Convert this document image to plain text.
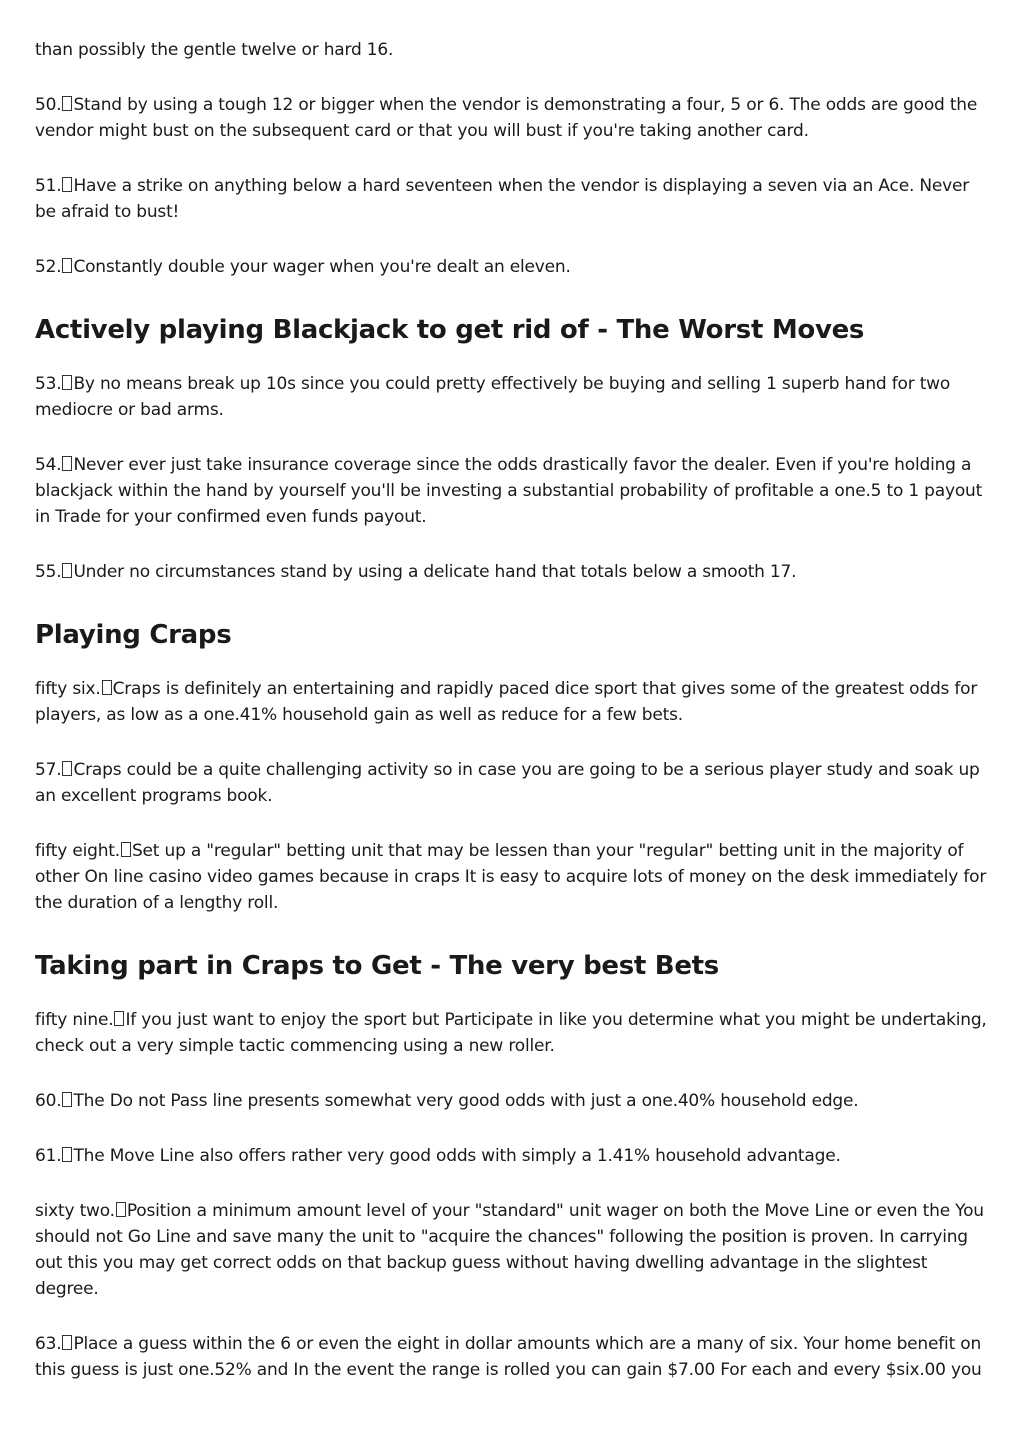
than possibly the gentle twelve or hard 16.

50. Stand by using a tough 12 or bigger when the vendor is demonstrating a four, 5 or 6. The odds are good the vendor might bust on the subsequent card or that you will bust if you're taking another card.

51. Have a strike on anything below a hard seventeen when the vendor is displaying a seven via an Ace. Never be afraid to bust!

52. Constantly double your wager when you're dealt an eleven.

Actively playing Blackjack to get rid of - The Worst Moves

53. By no means break up 10s since you could pretty effectively be buying and selling 1 superb hand for two mediocre or bad arms.

54. Never ever just take insurance coverage since the odds drastically favor the dealer. Even if you're holding a blackjack within the hand by yourself you'll be investing a substantial probability of profitable a one.5 to 1 payout in Trade for your confirmed even funds payout.

55. Under no circumstances stand by using a delicate hand that totals below a smooth 17.

Playing Craps

fifty six. Craps is definitely an entertaining and rapidly paced dice sport that gives some of the greatest odds for players, as low as a one.41% household gain as well as reduce for a few bets.

57. Craps could be a quite challenging activity so in case you are going to be a serious player study and soak up an excellent programs book.

fifty eight. Set up a "regular" betting unit that may be lessen than your "regular" betting unit in the majority of other On line casino video games because in craps It is easy to acquire lots of money on the desk immediately for the duration of a lengthy roll.

Taking part in Craps to Get - The very best Bets

fifty nine. If you just want to enjoy the sport but Participate in like you determine what you might be undertaking, check out a very simple tactic commencing using a new roller.

60. The Do not Pass line presents somewhat very good odds with just a one.40% household edge.

61. The Move Line also offers rather very good odds with simply a 1.41% household advantage.

sixty two. Position a minimum amount level of your "standard" unit wager on both the Move Line or even the You should not Go Line and save many the unit to "acquire the chances" following the position is proven. In carrying out this you may get correct odds on that backup guess without having dwelling advantage in the slightest degree.

63. Place a guess within the 6 or even the eight in dollar amounts which are a many of six. Your home benefit on this guess is just one.52% and In the event the range is rolled you can gain $7.00 For each and every $six.00 you
